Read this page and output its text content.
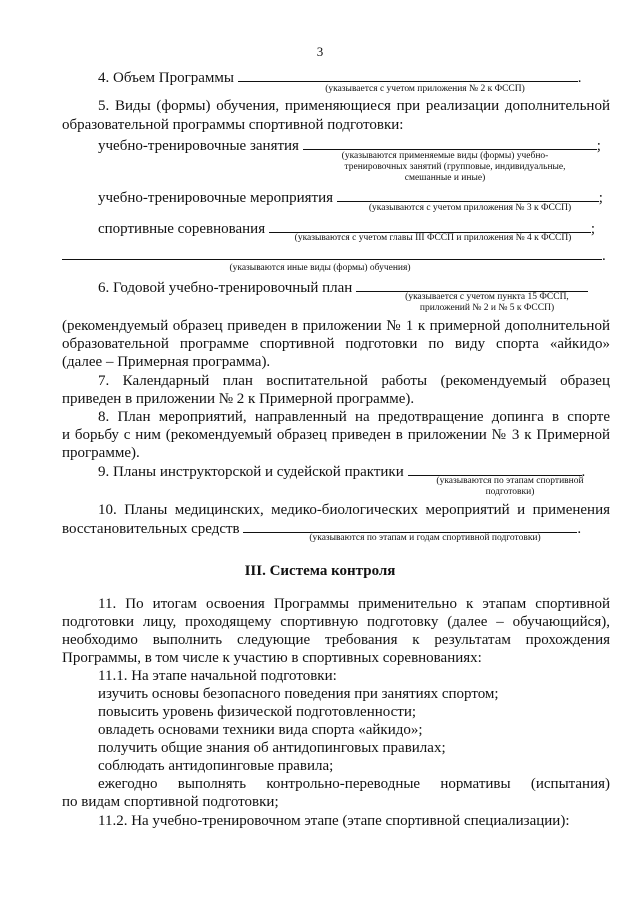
3
4. Объем Программы	.
(указывается с учетом приложения № 2 к ФССП)
5. Виды (формы) обучения, применяющиеся при реализации дополнительной
образовательной программы спортивной подготовки:
учебно-тренировочные занятия	;
(указываются применяемые виды (формы) учебно-
тренировочных занятий (групповые, индивидуальные,
смешанные и иные)
учебно-тренировочные мероприятия	;
(указываются с учетом приложения № 3 к ФССП)
спортивные соревнования	;
(указываются с учетом главы III ФССП и приложения № 4 к ФССП)
.
(указываются иные виды (формы) обучения)
6. Годовой учебно-тренировочный план
(указывается с учетом пункта 15 ФССП,
приложений № 2 и № 5 к ФССП)
(рекомендуемый образец приведен в приложении № 1 к примерной дополнительной
образовательной программе спортивной подготовки по виду спорта «айкидо»
(далее – Примерная программа).
7. Календарный план воспитательной работы (рекомендуемый образец
приведен в приложении № 2 к Примерной программе).
8. План мероприятий, направленный на предотвращение допинга в спорте
и борьбу с ним (рекомендуемый образец приведен в приложении № 3 к Примерной
программе).
9. Планы инструкторской и судейской практики	.
(указываются по этапам спортивной
подготовки)
10. Планы медицинских, медико-биологических мероприятий и применения
восстановительных средств	.
(указываются по этапам и годам спортивной подготовки)
III. Система контроля
11. По итогам освоения Программы применительно к этапам спортивной
подготовки лицу, проходящему спортивную подготовку (далее – обучающийся),
необходимо выполнить следующие требования к результатам прохождения
Программы, в том числе к участию в спортивных соревнованиях:
11.1. На этапе начальной подготовки:
изучить основы безопасного поведения при занятиях спортом;
повысить уровень физической подготовленности;
овладеть основами техники вида спорта «айкидо»;
получить общие знания об антидопинговых правилах;
соблюдать антидопинговые правила;
ежегодно выполнять контрольно-переводные нормативы (испытания)
по видам спортивной подготовки;
11.2. На учебно-тренировочном этапе (этапе спортивной специализации):
